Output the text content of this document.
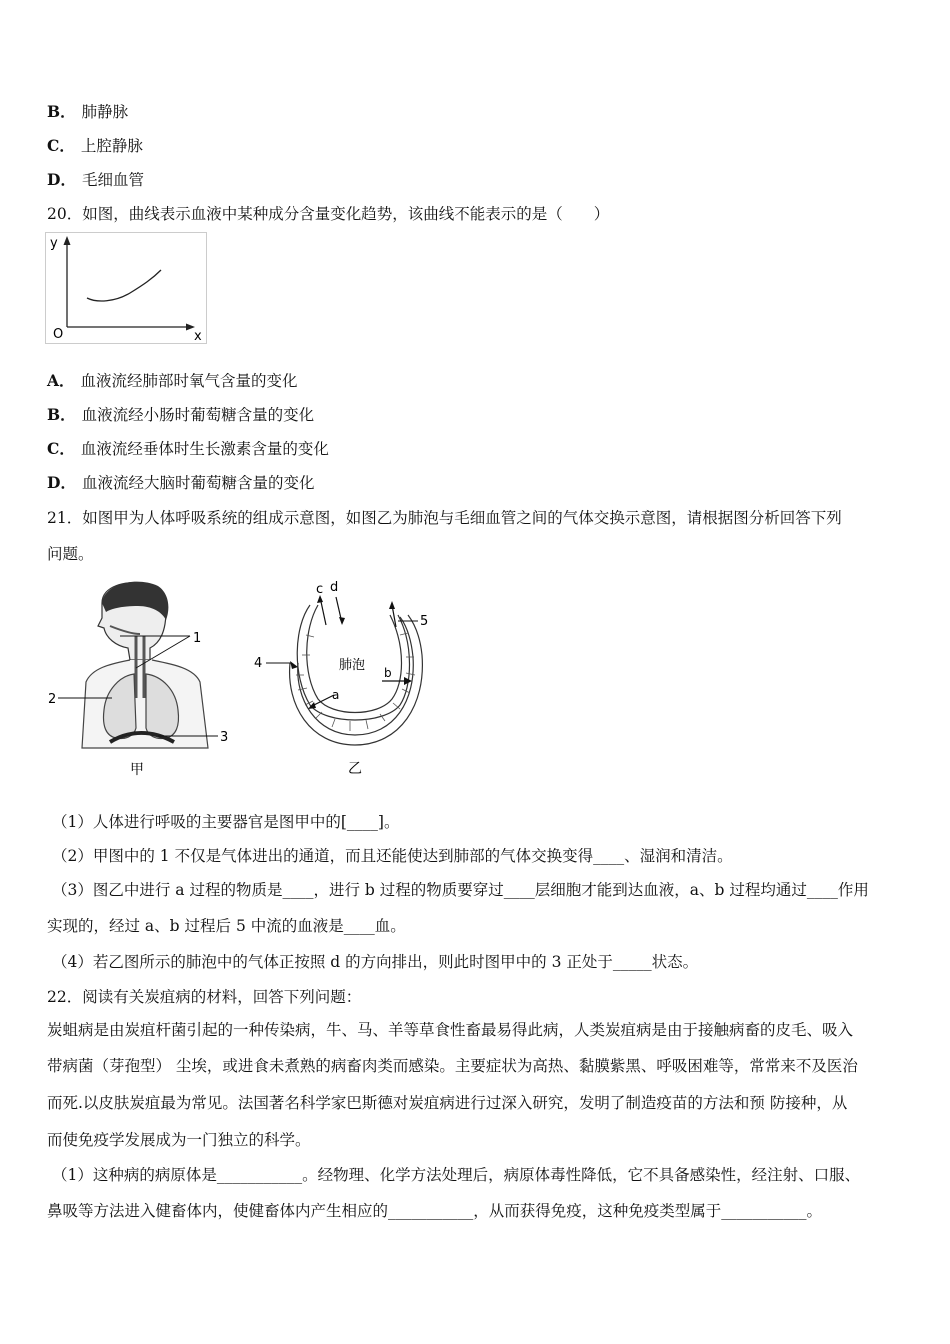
B． 肺静脉
C． 上腔静脉
D． 毛细血管
20．如图，曲线表示血液中某种成分含量变化趋势，该曲线不能表示的是（　　）
y
x
O
A． 血液流经肺部时氧气含量的变化
B． 血液流经小肠时葡萄糖含量的变化
C． 血液流经垂体时生长激素含量的变化
D． 血液流经大脑时葡萄糖含量的变化
21．如图甲为人体呼吸系统的组成示意图，如图乙为肺泡与毛细血管之间的气体交换示意图，请根据图分析回答下列
问题。
1
2
3
甲
肺泡
c d
5
4
a
b
乙
（1）人体进行呼吸的主要器官是图甲中的[____]。
（2）甲图中的 1 不仅是气体进出的通道，而且还能使达到肺部的气体交换变得____、湿润和清洁。
（3）图乙中进行 a 过程的物质是____，进行 b 过程的物质要穿过____层细胞才能到达血液，a、b 过程均通过____作用
实现的，经过 a、b 过程后 5 中流的血液是____血。
（4）若乙图所示的肺泡中的气体正按照 d 的方向排出，则此时图甲中的 3 正处于_____状态。
22．阅读有关炭疽病的材料，回答下列问题：
炭蛆病是由炭疽杆菌引起的一种传染病，牛、马、羊等草食性畜最易得此病，人类炭疽病是由于接触病畜的皮毛、吸入
带病菌（芽孢型） 尘埃，或进食未煮熟的病畜肉类而感染。主要症状为高热、黏膜紫黑、呼吸困难等，常常来不及医治
而死.以皮肤炭疽最为常见。法国著名科学家巴斯德对炭疽病进行过深入研究，发明了制造疫苗的方法和预 防接种，从
而使免疫学发展成为一门独立的科学。
（1）这种病的病原体是___________。经物理、化学方法处理后，病原体毒性降低，它不具备感染性，经注射、口服、
鼻吸等方法进入健畜体内，使健畜体内产生相应的___________，从而获得免疫，这种免疫类型属于___________。
